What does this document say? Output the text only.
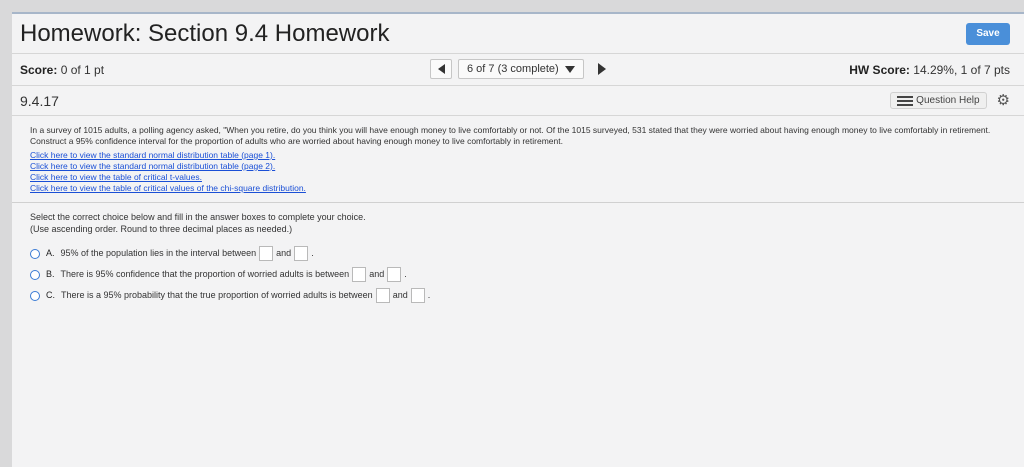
Homework: Section 9.4 Homework	Save
Score: 0 of 1 pt	6 of 7 (3 complete)	HW Score: 14.29%, 1 of 7 pts
9.4.17	Question Help ⚙

In a survey of 1015 adults, a polling agency asked, "When you retire, do you think you will have enough money to live comfortably or not. Of the 1015 surveyed, 531 stated that they were worried about having enough money to live comfortably in retirement. Construct a 95% confidence interval for the proportion of adults who are worried about having enough money to live comfortably in retirement.

Click here to view the standard normal distribution table (page 1).
Click here to view the standard normal distribution table (page 2).
Click here to view the table of critical t-values.
Click here to view the table of critical values of the chi-square distribution.
Select the correct choice below and fill in the answer boxes to complete your choice.
(Use ascending order. Round to three decimal places as needed.)
A. 95% of the population lies in the interval between and .
B. There is 95% confidence that the proportion of worried adults is between and .
C. There is a 95% probability that the true proportion of worried adults is between and .
